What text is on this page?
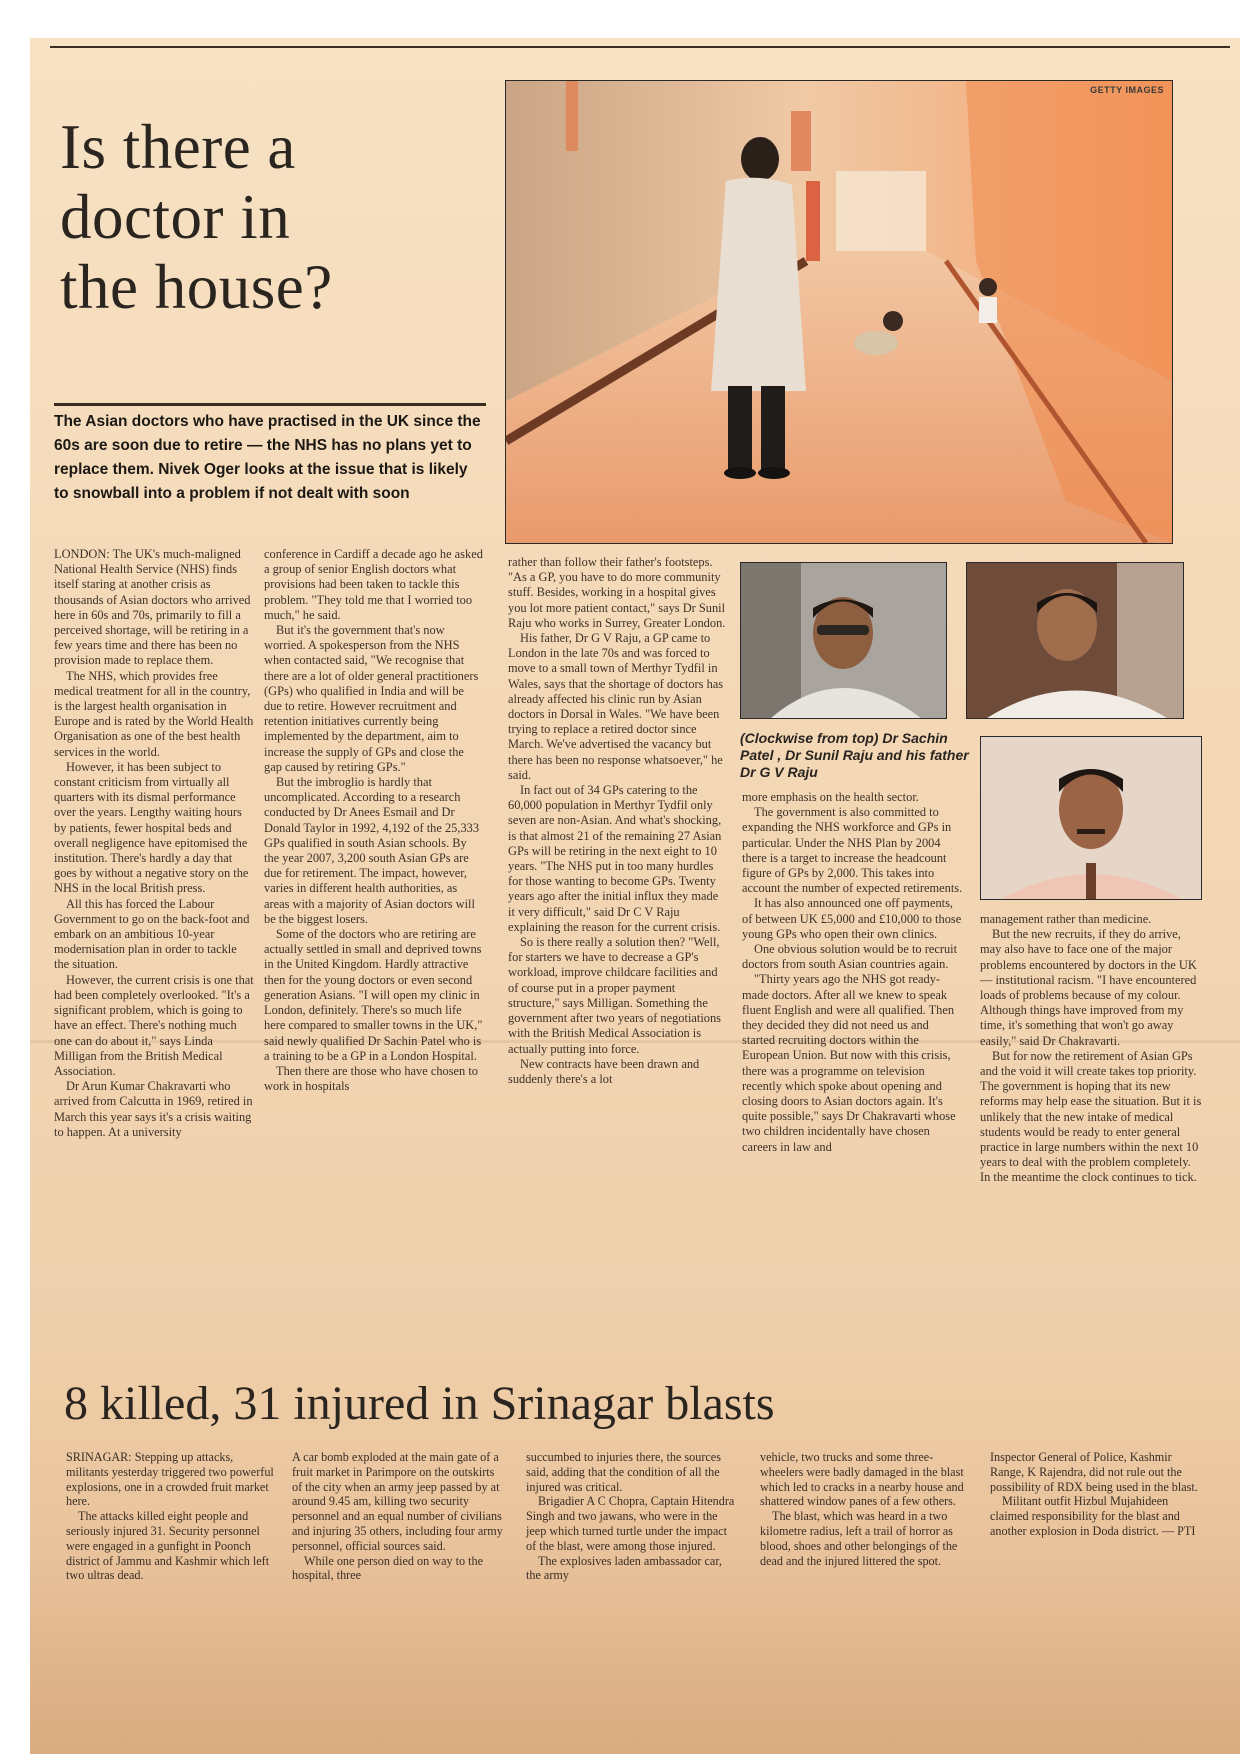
Is there a
doctor in
the house?
The Asian doctors who have practised in the UK since the 60s are soon due to retire — the NHS has no plans yet to replace them. Nivek Oger looks at the issue that is likely to snowball into a problem if not dealt with soon
GETTY IMAGES
(Clockwise from top) Dr Sachin Patel , Dr Sunil Raju and his father Dr G V Raju

LONDON: The UK's much-maligned National Health Service (NHS) finds itself staring at another crisis as thousands of Asian doctors who arrived here in 60s and 70s, primarily to fill a perceived shortage, will be retiring in a few years time and there has been no provision made to replace them.

The NHS, which provides free medical treatment for all in the country, is the largest health organisation in Europe and is rated by the World Health Organisation as one of the best health services in the world.

However, it has been subject to constant criticism from virtually all quarters with its dismal performance over the years. Lengthy waiting hours by patients, fewer hospital beds and overall negligence have epitomised the institution. There's hardly a day that goes by without a negative story on the NHS in the local British press.

All this has forced the Labour Government to go on the back-foot and embark on an ambitious 10-year modernisation plan in order to tackle the situation.

However, the current crisis is one that had been completely overlooked. "It's a significant problem, which is going to have an effect. There's nothing much one can do about it," says Linda Milligan from the British Medical Association.

Dr Arun Kumar Chakravarti who arrived from Calcutta in 1969, retired in March this year says it's a crisis waiting to happen. At a university

conference in Cardiff a decade ago he asked a group of senior English doctors what provisions had been taken to tackle this problem. "They told me that I worried too much," he said.

But it's the government that's now worried. A spokesperson from the NHS when contacted said, "We recognise that there are a lot of older general practitioners (GPs) who qualified in India and will be due to retire. However recruitment and retention initiatives currently being implemented by the department, aim to increase the supply of GPs and close the gap caused by retiring GPs."

But the imbroglio is hardly that uncomplicated. According to a research conducted by Dr Anees Esmail and Dr Donald Taylor in 1992, 4,192 of the 25,333 GPs qualified in south Asian schools. By the year 2007, 3,200 south Asian GPs are due for retirement. The impact, however, varies in different health authorities, as areas with a majority of Asian doctors will be the biggest losers.

Some of the doctors who are retiring are actually settled in small and deprived towns in the United Kingdom. Hardly attractive then for the young doctors or even second generation Asians. "I will open my clinic in London, definitely. There's so much life here compared to smaller towns in the UK," said newly qualified Dr Sachin Patel who is a training to be a GP in a London Hospital.

Then there are those who have chosen to work in hospitals

rather than follow their father's footsteps. "As a GP, you have to do more community stuff. Besides, working in a hospital gives you lot more patient contact," says Dr Sunil Raju who works in Surrey, Greater London.

His father, Dr G V Raju, a GP came to London in the late 70s and was forced to move to a small town of Merthyr Tydfil in Wales, says that the shortage of doctors has already affected his clinic run by Asian doctors in Dorsal in Wales. "We have been trying to replace a retired doctor since March. We've advertised the vacancy but there has been no response whatsoever," he said.

In fact out of 34 GPs catering to the 60,000 population in Merthyr Tydfil only seven are non-Asian. And what's shocking, is that almost 21 of the remaining 27 Asian GPs will be retiring in the next eight to 10 years. "The NHS put in too many hurdles for those wanting to become GPs. Twenty years ago after the initial influx they made it very difficult," said Dr C V Raju explaining the reason for the current crisis.

So is there really a solution then? "Well, for starters we have to decrease a GP's workload, improve childcare facilities and of course put in a proper payment structure," says Milligan. Something the government after two years of negotiations with the British Medical Association is actually putting into force.

New contracts have been drawn and suddenly there's a lot

more emphasis on the health sector.

The government is also committed to expanding the NHS workforce and GPs in particular. Under the NHS Plan by 2004 there is a target to increase the headcount figure of GPs by 2,000. This takes into account the number of expected retirements.

It has also announced one off payments, of between UK £5,000 and £10,000 to those young GPs who open their own clinics.

One obvious solution would be to recruit doctors from south Asian countries again.

"Thirty years ago the NHS got ready-made doctors. After all we knew to speak fluent English and were all qualified. Then they decided they did not need us and started recruiting doctors within the European Union. But now with this crisis, there was a programme on television recently which spoke about opening and closing doors to Asian doctors again. It's quite possible," says Dr Chakravarti whose two children incidentally have chosen careers in law and

management rather than medicine.

But the new recruits, if they do arrive, may also have to face one of the major problems encountered by doctors in the UK — institutional racism. "I have encountered loads of problems because of my colour. Although things have improved from my time, it's something that won't go away easily," said Dr Chakravarti.

But for now the retirement of Asian GPs and the void it will create takes top priority. The government is hoping that its new reforms may help ease the situation. But it is unlikely that the new intake of medical students would be ready to enter general practice in large numbers within the next 10 years to deal with the problem completely. In the meantime the clock continues to tick.

8 killed, 31 injured in Srinagar blasts

SRINAGAR: Stepping up attacks, militants yesterday triggered two powerful explosions, one in a crowded fruit market here.

The attacks killed eight people and seriously injured 31. Security personnel were engaged in a gunfight in Poonch district of Jammu and Kashmir which left two ultras dead.

A car bomb exploded at the main gate of a fruit market in Parimpore on the outskirts of the city when an army jeep passed by at around 9.45 am, killing two security personnel and an equal number of civilians and injuring 35 others, including four army personnel, official sources said.

While one person died on way to the hospital, three

succumbed to injuries there, the sources said, adding that the condition of all the injured was critical.

Brigadier A C Chopra, Captain Hitendra Singh and two jawans, who were in the jeep which turned turtle under the impact of the blast, were among those injured.

The explosives laden ambassador car, the army

vehicle, two trucks and some three-wheelers were badly damaged in the blast which led to cracks in a nearby house and shattered window panes of a few others.

The blast, which was heard in a two kilometre radius, left a trail of horror as blood, shoes and other belongings of the dead and the injured littered the spot.

Inspector General of Police, Kashmir Range, K Rajendra, did not rule out the possibility of RDX being used in the blast.

Militant outfit Hizbul Mujahideen claimed responsibility for the blast and another explosion in Doda district. — PTI
